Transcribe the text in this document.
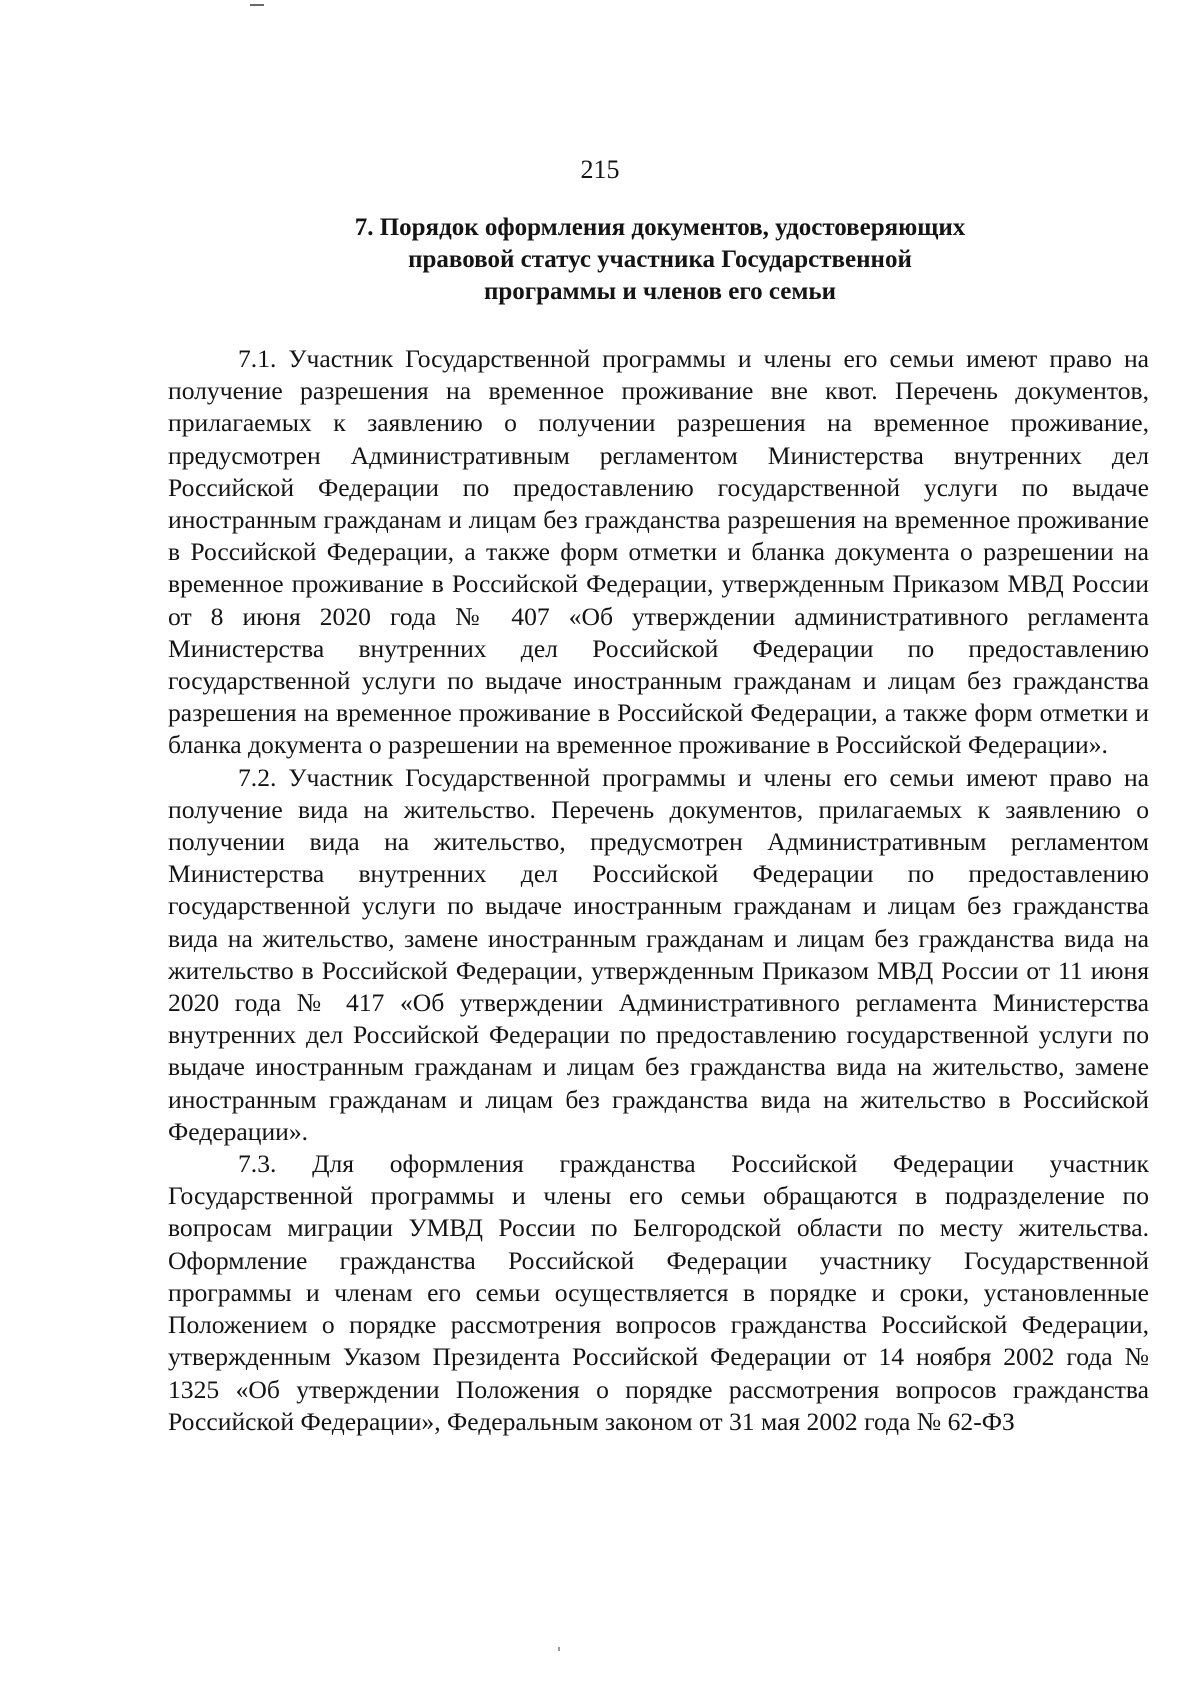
215
7. Порядок оформления документов, удостоверяющих
правовой статус участника Государственной
программы и членов его семьи

7.1. Участник Государственной программы и члены его семьи имеют право на получение разрешения на временное проживание вне квот. Перечень документов, прилагаемых к заявлению о получении разрешения на временное проживание, предусмотрен Административным регламентом Министерства внутренних дел Российской Федерации по предоставлению государственной услуги по выдаче иностранным гражданам и лицам без гражданства разрешения на временное проживание в Российской Федерации, а также форм отметки и бланка документа о разрешении на временное проживание в Российской Федерации, утвержденным Приказом МВД России от 8 июня 2020 года № 407 «Об утверждении административного регламента Министерства внутренних дел Российской Федерации по предоставлению государственной услуги по выдаче иностранным гражданам и лицам без гражданства разрешения на временное проживание в Российской Федерации, а также форм отметки и бланка документа о разрешении на временное проживание в Российской Федерации».

7.2. Участник Государственной программы и члены его семьи имеют право на получение вида на жительство. Перечень документов, прилагаемых к заявлению о получении вида на жительство, предусмотрен Административным регламентом Министерства внутренних дел Российской Федерации по предоставлению государственной услуги по выдаче иностранным гражданам и лицам без гражданства вида на жительство, замене иностранным гражданам и лицам без гражданства вида на жительство в Российской Федерации, утвержденным Приказом МВД России от 11 июня 2020 года № 417 «Об утверждении Административного регламента Министерства внутренних дел Российской Федерации по предоставлению государственной услуги по выдаче иностранным гражданам и лицам без гражданства вида на жительство, замене иностранным гражданам и лицам без гражданства вида на жительство в Российской Федерации».

7.3. Для оформления гражданства Российской Федерации участник Государственной программы и члены его семьи обращаются в подразделение по вопросам миграции УМВД России по Белгородской области по месту жительства. Оформление гражданства Российской Федерации участнику Государственной программы и членам его семьи осуществляется в порядке и сроки, установленные Положением о порядке рассмотрения вопросов гражданства Российской Федерации, утвержденным Указом Президента Российской Федерации от 14 ноября 2002 года № 1325 «Об утверждении Положения о порядке рассмотрения вопросов гражданства Российской Федерации», Федеральным законом от 31 мая 2002 года № 62-ФЗ
